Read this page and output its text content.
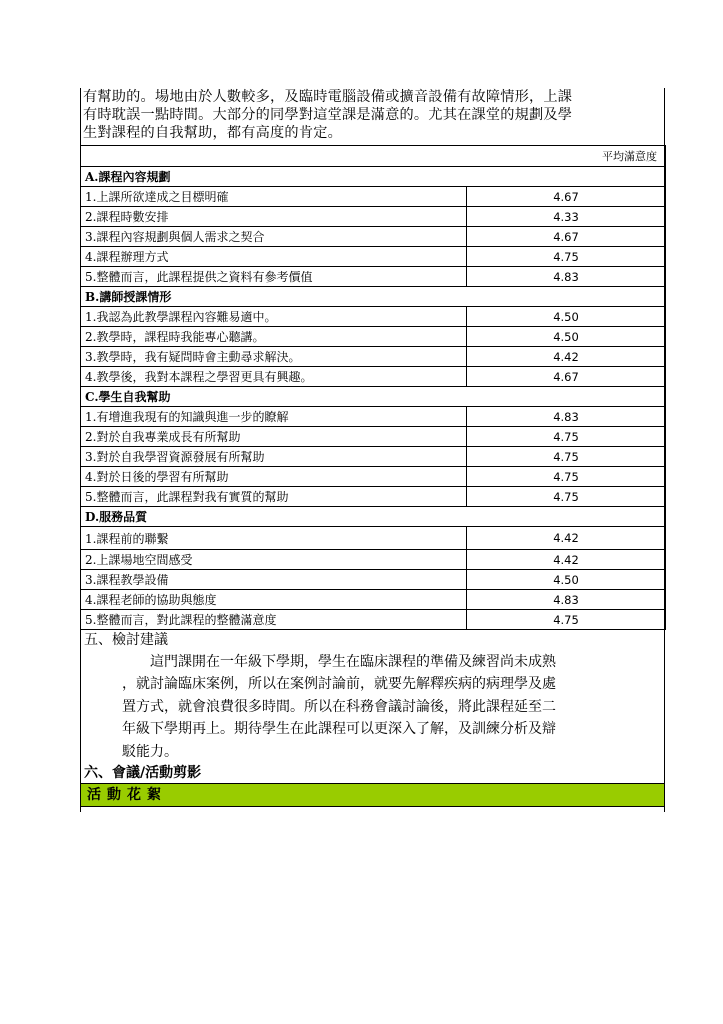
有幫助的。場地由於人數較多，及臨時電腦設備或擴音設備有故障情形，上課
有時耽誤一點時間。大部分的同學對這堂課是滿意的。尤其在課堂的規劃及學
生對課程的自我幫助，都有高度的肯定。
平均滿意度	
A.課程內容規劃	
1.上課所欲達成之目標明確	4.67
2.課程時數安排	4.33
3.課程內容規劃與個人需求之契合	4.67
4.課程辦理方式	4.75
5.整體而言，此課程提供之資料有參考價值	4.83
B.講師授課情形	
1.我認為此教學課程內容難易適中。	4.50
2.教學時，課程時我能專心聽講。	4.50
3.教學時，我有疑問時會主動尋求解決。	4.42
4.教學後，我對本課程之學習更具有興趣。	4.67
C.學生自我幫助	
1.有增進我現有的知識與進一步的瞭解	4.83
2.對於自我專業成長有所幫助	4.75
3.對於自我學習資源發展有所幫助	4.75
4.對於日後的學習有所幫助	4.75
5.整體而言，此課程對我有實質的幫助	4.75
D.服務品質	
1.課程前的聯繫	4.42
2.上課場地空間感受	4.42
3.課程教學設備	4.50
4.課程老師的協助與態度	4.83
5.整體而言，對此課程的整體滿意度	4.75
五、檢討建議
　　這門課開在一年級下學期，學生在臨床課程的準備及練習尚未成熟
，就討論臨床案例，所以在案例討論前，就要先解釋疾病的病理學及處
置方式，就會浪費很多時間。所以在科務會議討論後，將此課程延至二
年級下學期再上。期待學生在此課程可以更深入了解，及訓練分析及辯
駁能力。
六、會議/活動剪影
活動花絮
